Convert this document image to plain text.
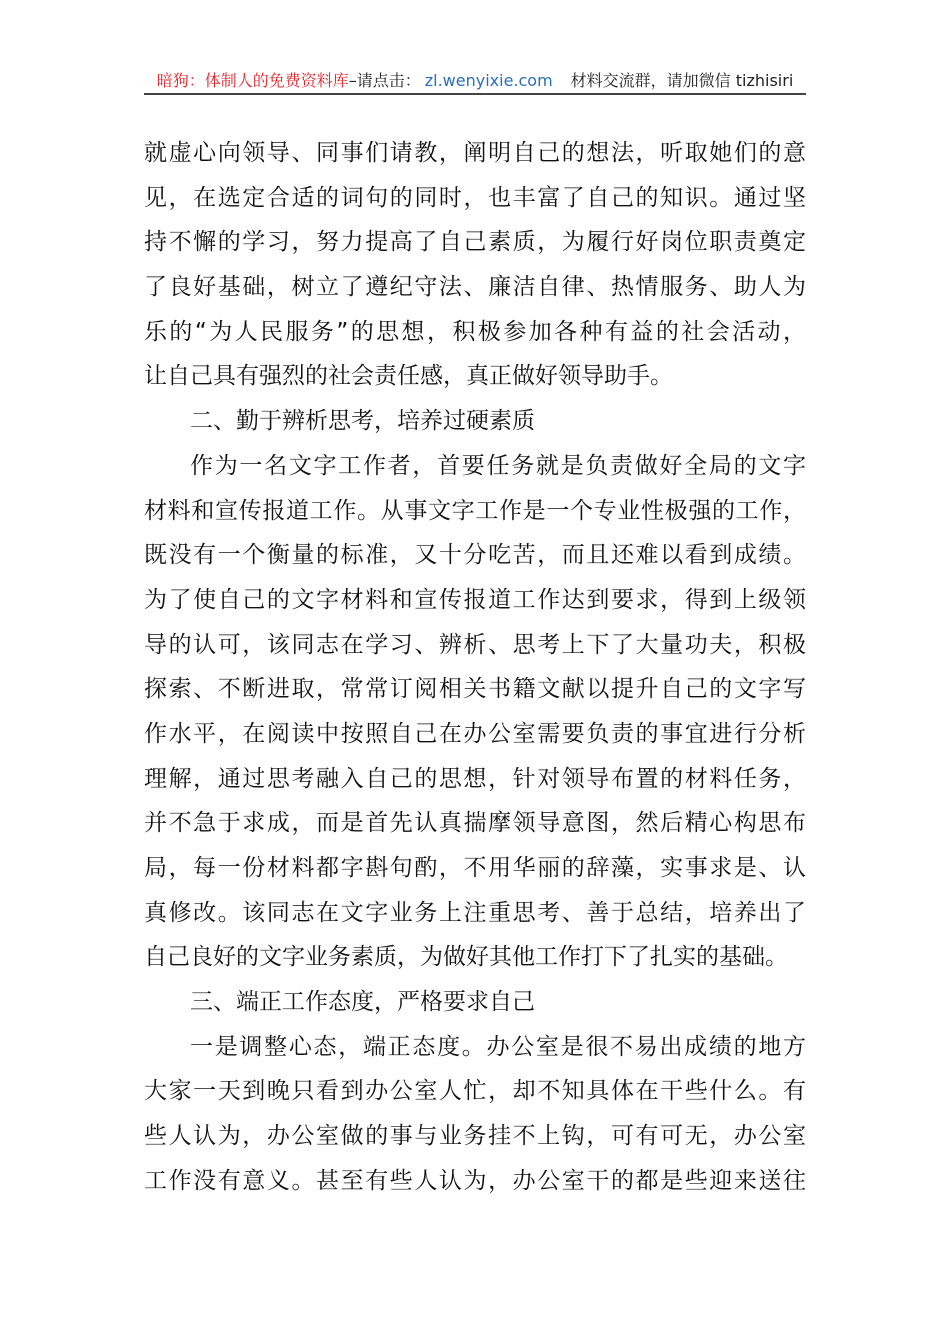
暗狗：体制人的免费资料库 –请点击： zl.wenyixie.com 材料交流群，请加微信 tizhisiri
就虚心向领导、同事们请教，阐明自己的想法，听取她们的意
见，在选定合适的词句的同时，也丰富了自己的知识。通过坚
持不懈的学习，努力提高了自己素质，为履行好岗位职责奠定
了良好基础，树立了遵纪守法、廉洁自律、热情服务、助人为
乐的“为人民服务”的思想，积极参加各种有益的社会活动，
让自己具有强烈的社会责任感，真正做好领导助手。
二、勤于辨析思考，培养过硬素质
作为一名文字工作者，首要任务就是负责做好全局的文字
材料和宣传报道工作。从事文字工作是一个专业性极强的工作，
既没有一个衡量的标准，又十分吃苦，而且还难以看到成绩。
为了使自己的文字材料和宣传报道工作达到要求，得到上级领
导的认可，该同志在学习、辨析、思考上下了大量功夫，积极
探索、不断进取，常常订阅相关书籍文献以提升自己的文字写
作水平，在阅读中按照自己在办公室需要负责的事宜进行分析
理解，通过思考融入自己的思想，针对领导布置的材料任务，
并不急于求成，而是首先认真揣摩领导意图，然后精心构思布
局，每一份材料都字斟句酌，不用华丽的辞藻，实事求是、认
真修改。该同志在文字业务上注重思考、善于总结，培养出了
自己良好的文字业务素质，为做好其他工作打下了扎实的基础。
三、端正工作态度，严格要求自己
一是调整心态，端正态度。办公室是很不易出成绩的地方
大家一天到晚只看到办公室人忙，却不知具体在干些什么。有
些人认为，办公室做的事与业务挂不上钩，可有可无，办公室
工作没有意义。甚至有些人认为，办公室干的都是些迎来送往
